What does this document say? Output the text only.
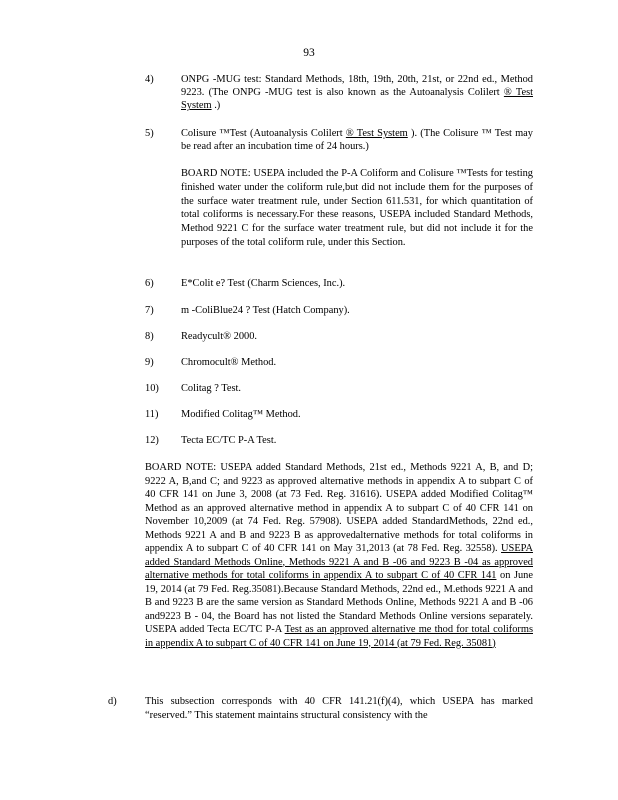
93
4)	ONPG -MUG test: Standard Methods, 18th, 19th, 20th, 21st, or 22nd ed., Method 9223. (The ONPG -MUG test is also known as the Autoanalysis Colilert ® Test System .)
5)	Colisure ™Test (Autoanalysis Colilert ® Test System ). (The Colisure ™ Test may be read after an incubation time of 24 hours.)
BOARD NOTE: USEPA included the P-A Coliform and Colisure ™Tests for testing finished water under the coliform rule,but did not include them for the purposes of the surface water treatment rule, under Section 611.531, for which quantitation of total coliforms is necessary.For these reasons, USEPA included Standard Methods, Method 9221 C for the surface water treatment rule, but did not include it for the purposes of the total coliform rule, under this Section.
6)	E*Colit e? Test (Charm Sciences, Inc.).
7)	m -ColiBlue24 ? Test (Hatch Company).
8)	Readycult® 2000.
9)	Chromocult® Method.
10)	Colitag ? Test.
11)	Modified Colitag™ Method.
12)	Tecta EC/TC P-A Test.
BOARD NOTE: USEPA added Standard Methods, 21st ed., Methods 9221 A, B, and D; 9222 A, B,and C; and 9223 as approved alternative methods in appendix A to subpart C of 40 CFR 141 on June 3, 2008 (at 73 Fed. Reg. 31616). USEPA added Modified Colitag™ Method as an approved alternative method in appendix A to subpart C of 40 CFR 141 on November 10,2009 (at 74 Fed. Reg. 57908). USEPA added StandardMethods, 22nd ed., Methods 9221 A and B and 9223 B as approvedalternative methods for total coliforms in appendix A to subpart C of 40 CFR 141 on May 31,2013 (at 78 Fed. Reg. 32558). USEPA added Standard Methods Online, Methods 9221 A and B -06 and 9223 B -04 as approved alternative methods for total coliforms in appendix A to subpart C of 40 CFR 141 on June 19, 2014 (at 79 Fed. Reg.35081).Because Standard Methods, 22nd ed., M.ethods 9221 A and B and 9223 B are the same version as Standard Methods Online, Methods 9221 A and B -06 and9223 B - 04, the Board has not listed the Standard Methods Online versions separately. USEPA added Tecta EC/TC P-A Test as an approved alternative me thod for total coliforms in appendix A to subpart C of 40 CFR 141 on June 19, 2014 (at 79 Fed. Reg. 35081)
d)	This subsection corresponds with 40 CFR 141.21(f)(4), which USEPA has marked “reserved.” This statement maintains structural consistency with the
